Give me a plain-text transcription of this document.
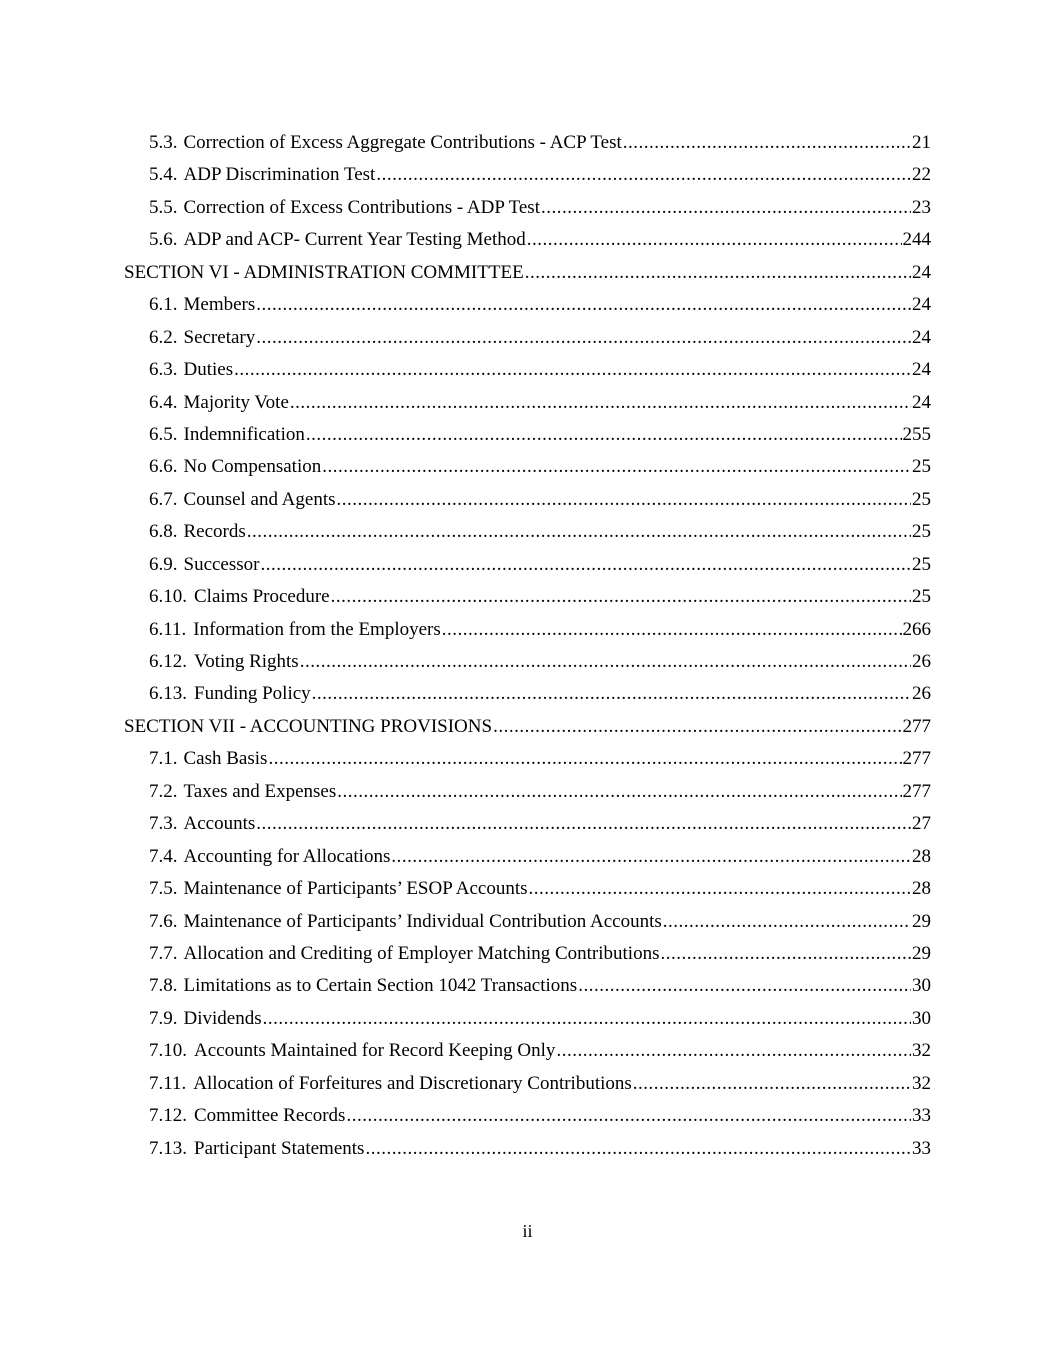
5.3. Correction of Excess Aggregate Contributions - ACP Test .....	21
5.4. ADP Discrimination Test .....	22
5.5. Correction of Excess Contributions - ADP Test .....	23
5.6. ADP and ACP- Current Year Testing Method .....	244
SECTION VI - ADMINISTRATION COMMITTEE .....	24
6.1. Members .....	24
6.2. Secretary .....	24
6.3. Duties .....	24
6.4. Majority Vote .....	24
6.5. Indemnification .....	255
6.6. No Compensation .....	25
6.7. Counsel and Agents .....	25
6.8. Records .....	25
6.9. Successor .....	25
6.10. Claims Procedure .....	25
6.11. Information from the Employers .....	266
6.12. Voting Rights .....	26
6.13. Funding Policy .....	26
SECTION VII - ACCOUNTING PROVISIONS .....	277
7.1. Cash Basis .....	277
7.2. Taxes and Expenses .....	277
7.3. Accounts .....	27
7.4. Accounting for Allocations .....	28
7.5. Maintenance of Participants’ ESOP Accounts .....	28
7.6. Maintenance of Participants’ Individual Contribution Accounts .....	29
7.7. Allocation and Crediting of Employer Matching Contributions .....	29
7.8. Limitations as to Certain Section 1042 Transactions .....	30
7.9. Dividends .....	30
7.10. Accounts Maintained for Record Keeping Only .....	32
7.11. Allocation of Forfeitures and Discretionary Contributions .....	32
7.12. Committee Records .....	33
7.13. Participant Statements .....	33
ii
